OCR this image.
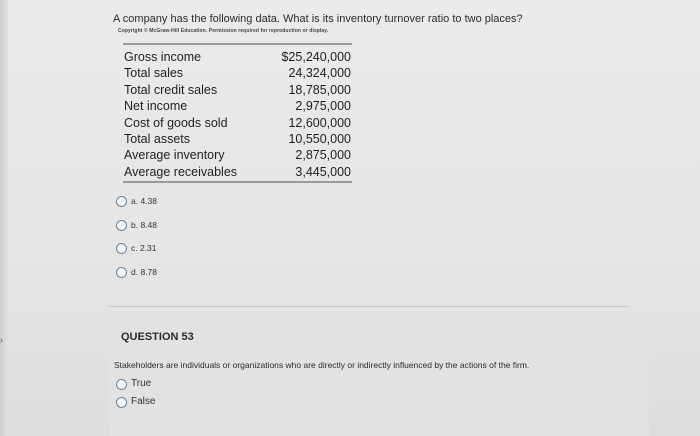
›
A company has the following data. What is its inventory turnover ratio to two places?
Copyright © McGraw-Hill Education. Permission required for reproduction or display.
Gross income	$25,240,000
Total sales	24,324,000
Total credit sales	18,785,000
Net income	2,975,000
Cost of goods sold	12,600,000
Total assets	10,550,000
Average inventory	2,875,000
Average receivables	3,445,000
a. 4.38
b. 8.48
c. 2.31
d. 8.78
QUESTION 53
Stakeholders are individuals or organizations who are directly or indirectly influenced by the actions of the firm.
True
False
